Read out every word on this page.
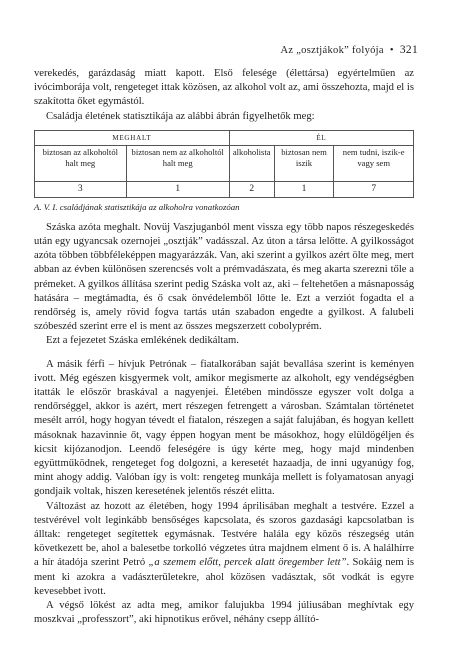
Az „osztjákok” folyója • 321

verekedés, garázdaság miatt kapott. Első felesége (élettársa) egyértelműen az ivócimborája volt, rengeteget ittak közösen, az alkohol volt az, ami összehozta, majd el is szakította őket egymástól.

Családja életének statisztikája az alábbi ábrán figyelhetők meg:

MEGHALT		ÉL		
biztosan az alkoholtól halt meg	biztosan nem az alkoholtól halt meg	alkoholista	biztosan nem iszik	nem tudni, iszik-e vagy sem
3	1	2	1	7
A. V. I. családjának statisztikája az alkoholra vonatkozóan

Száska azóta meghalt. Novüj Vaszjuganból ment vissza egy több napos részegeskedés után egy ugyancsak ozernojei „osztják” vadásszal. Az úton a társa lelőtte. A gyilkosságot azóta többen többféleképpen magyarázzák. Van, aki szerint a gyilkos azért ölte meg, mert abban az évben különösen szerencsés volt a prémvadászata, és meg akarta szerezni tőle a prémeket. A gyilkos állítása szerint pedig Száska volt az, aki – feltehetően a másnaposság hatására – megtámadta, és ő csak önvédelemből lőtte le. Ezt a verziót fogadta el a rendőrség is, amely rövid fogva tartás után szabadon engedte a gyilkost. A falubeli szóbeszéd szerint erre el is ment az összes megszerzett cobolyprém.

Ezt a fejezetet Száska emlékének dedikáltam.

A másik férfi – hívjuk Petrónak – fiatalkorában saját bevallása szerint is keményen ivott. Még egészen kisgyermek volt, amikor megismerte az alkoholt, egy vendégségben itatták le először braskával a nagyenjei. Életében mindössze egyszer volt dolga a rendőrséggel, akkor is azért, mert részegen fetrengett a városban. Számtalan történetet mesélt arról, hogy hogyan tévedt el fiatalon, részegen a saját falujában, és hogyan kellett másoknak hazavinnie őt, vagy éppen hogyan ment be másokhoz, hogy elüldögéljen és kicsit kijózanodjon. Leendő feleségére is úgy kérte meg, hogy majd mindenben együttműködnek, rengeteget fog dolgozni, a keresetét hazaadja, de inni ugyanúgy fog, mint ahogy addig. Valóban így is volt: rengeteg munkája mellett is folyamatosan anyagi gondjaik voltak, hiszen keresetének jelentős részét elitta.

Változást az hozott az életében, hogy 1994 áprilisában meghalt a testvére. Ezzel a testvérével volt leginkább bensőséges kapcsolata, és szoros gazdasági kapcsolatban is álltak: rengeteget segítettek egymásnak. Testvére halála egy közös részegség után következett be, ahol a balesetbe torkolló végzetes útra majdnem elment ő is. A halálhírre a hír átadója szerint Petró „a szemem előtt, percek alatt öregember lett”. Sokáig nem is ment ki azokra a vadászterületekre, ahol közösen vadásztak, sőt vodkát is egyre kevesebbet ivott.

A végső lökést az adta meg, amikor falujukba 1994 júliusában meghívtak egy moszkvai „professzort”, aki hipnotikus erővel, néhány csepp állító-
